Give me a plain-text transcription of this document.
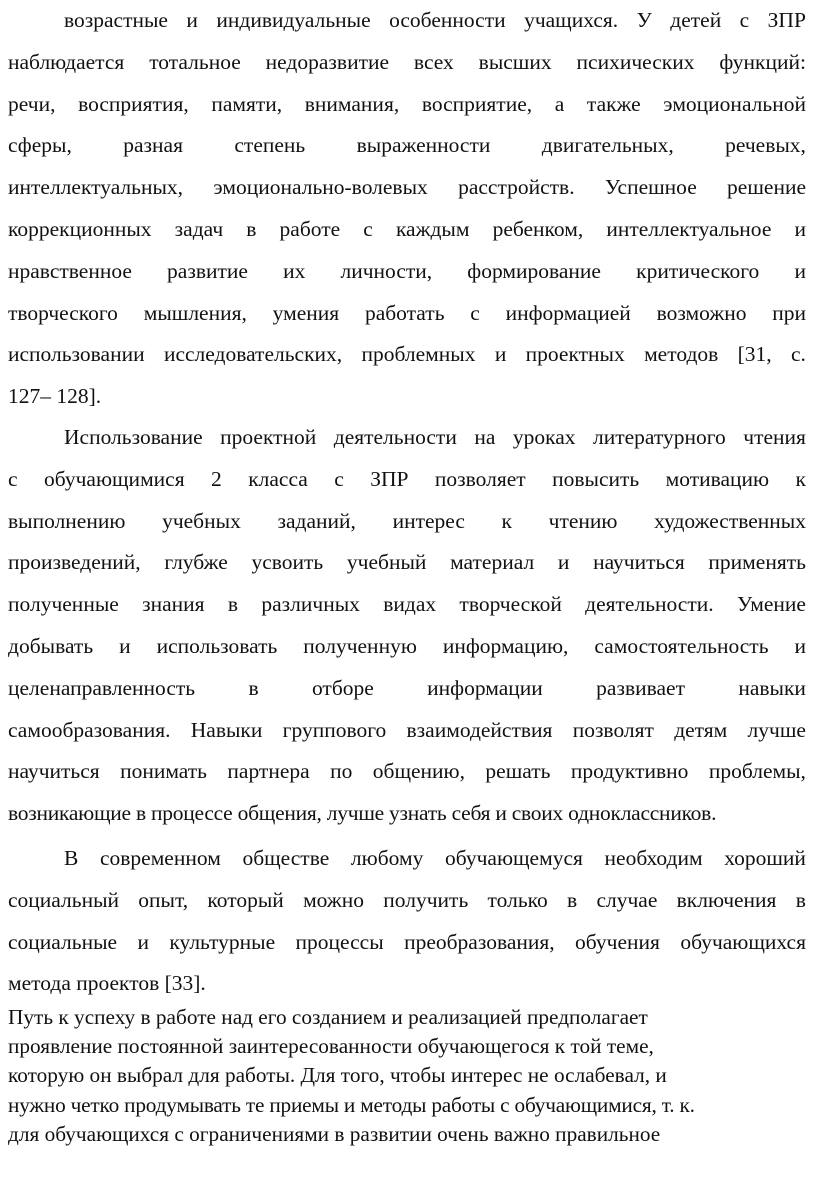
возрастные и индивидуальные особенности учащихся. У детей с ЗПР
наблюдается тотальное недоразвитие всех высших психических функций:
речи, восприятия, памяти, внимания, восприятие, а также эмоциональной
сферы, разная степень выраженности двигательных, речевых,
интеллектуальных, эмоционально-волевых расстройств. Успешное решение
коррекционных задач в работе с каждым ребенком, интеллектуальное и
нравственное развитие их личности, формирование критического и
творческого мышления, умения работать с информацией возможно при
использовании исследовательских, проблемных и проектных методов [31, с.
127– 128].
Использование проектной деятельности на уроках литературного чтения
с обучающимися 2 класса с ЗПР позволяет повысить мотивацию к
выполнению учебных заданий, интерес к чтению художественных
произведений, глубже усвоить учебный материал и научиться применять
полученные знания в различных видах творческой деятельности. Умение
добывать и использовать полученную информацию, самостоятельность и
целенаправленность в отборе информации развивает навыки
самообразования. Навыки группового взаимодействия позволят детям лучше
научиться понимать партнера по общению, решать продуктивно проблемы,
возникающие в процессе общения, лучше узнать себя и своих одноклассников.
В современном обществе любому обучающемуся необходим хороший
социальный опыт, который можно получить только в случае включения в
социальные и культурные процессы преобразования, обучения обучающихся
метода проектов [33].
Путь к успеху в работе над его созданием и реализацией предполагает
проявление постоянной заинтересованности обучающегося к той теме,
которую он выбрал для работы. Для того, чтобы интерес не ослабевал, и
нужно четко продумывать те приемы и методы работы с обучающимися, т. к.
для обучающихся с ограничениями в развитии очень важно правильное
